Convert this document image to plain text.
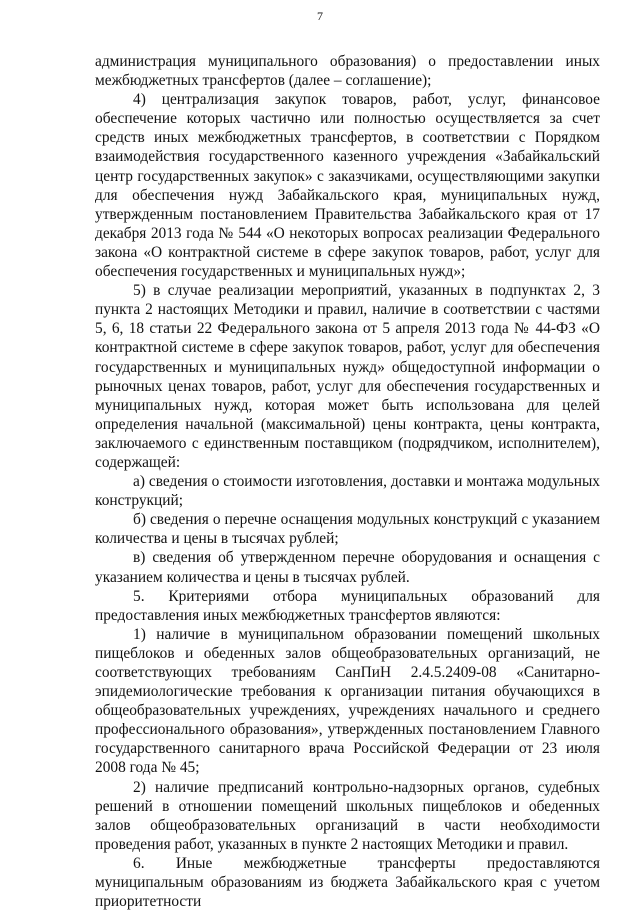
7

администрация муниципального образования) о предоставлении иных межбюджетных трансфертов (далее – соглашение);

4) централизация закупок товаров, работ, услуг, финансовое обеспечение которых частично или полностью осуществляется за счет средств иных межбюджетных трансфертов, в соответствии с Порядком взаимодействия государственного казенного учреждения «Забайкальский центр государственных закупок» с заказчиками, осуществляющими закупки для обеспечения нужд Забайкальского края, муниципальных нужд, утвержденным постановлением Правительства Забайкальского края от 17 декабря 2013 года № 544 «О некоторых вопросах реализации Федерального закона «О контрактной системе в сфере закупок товаров, работ, услуг для обеспечения государственных и муниципальных нужд»;

5) в случае реализации мероприятий, указанных в подпунктах 2, 3 пункта 2 настоящих Методики и правил, наличие в соответствии с частями 5, 6, 18 статьи 22 Федерального закона от 5 апреля 2013 года № 44-ФЗ «О контрактной системе в сфере закупок товаров, работ, услуг для обеспечения государственных и муниципальных нужд» общедоступной информации о рыночных ценах товаров, работ, услуг для обеспечения государственных и муниципальных нужд, которая может быть использована для целей определения начальной (максимальной) цены контракта, цены контракта, заключаемого с единственным поставщиком (подрядчиком, исполнителем), содержащей:

а) сведения о стоимости изготовления, доставки и монтажа модульных конструкций;

б) сведения о перечне оснащения модульных конструкций с указанием количества и цены в тысячах рублей;

в) сведения об утвержденном перечне оборудования и оснащения с указанием количества и цены в тысячах рублей.

5. Критериями отбора муниципальных образований для предоставления иных межбюджетных трансфертов являются:

1) наличие в муниципальном образовании помещений школьных пищеблоков и обеденных залов общеобразовательных организаций, не соответствующих требованиям СанПиН 2.4.5.2409-08 «Санитарно-эпидемиологические требования к организации питания обучающихся в общеобразовательных учреждениях, учреждениях начального и среднего профессионального образования», утвержденных постановлением Главного государственного санитарного врача Российской Федерации от 23 июля 2008 года № 45;

2) наличие предписаний контрольно-надзорных органов, судебных решений в отношении помещений школьных пищеблоков и обеденных залов общеобразовательных организаций в части необходимости проведения работ, указанных в пункте 2 настоящих Методики и правил.

6. Иные межбюджетные трансферты предоставляются муниципальным образованиям из бюджета Забайкальского края с учетом приоритетности
